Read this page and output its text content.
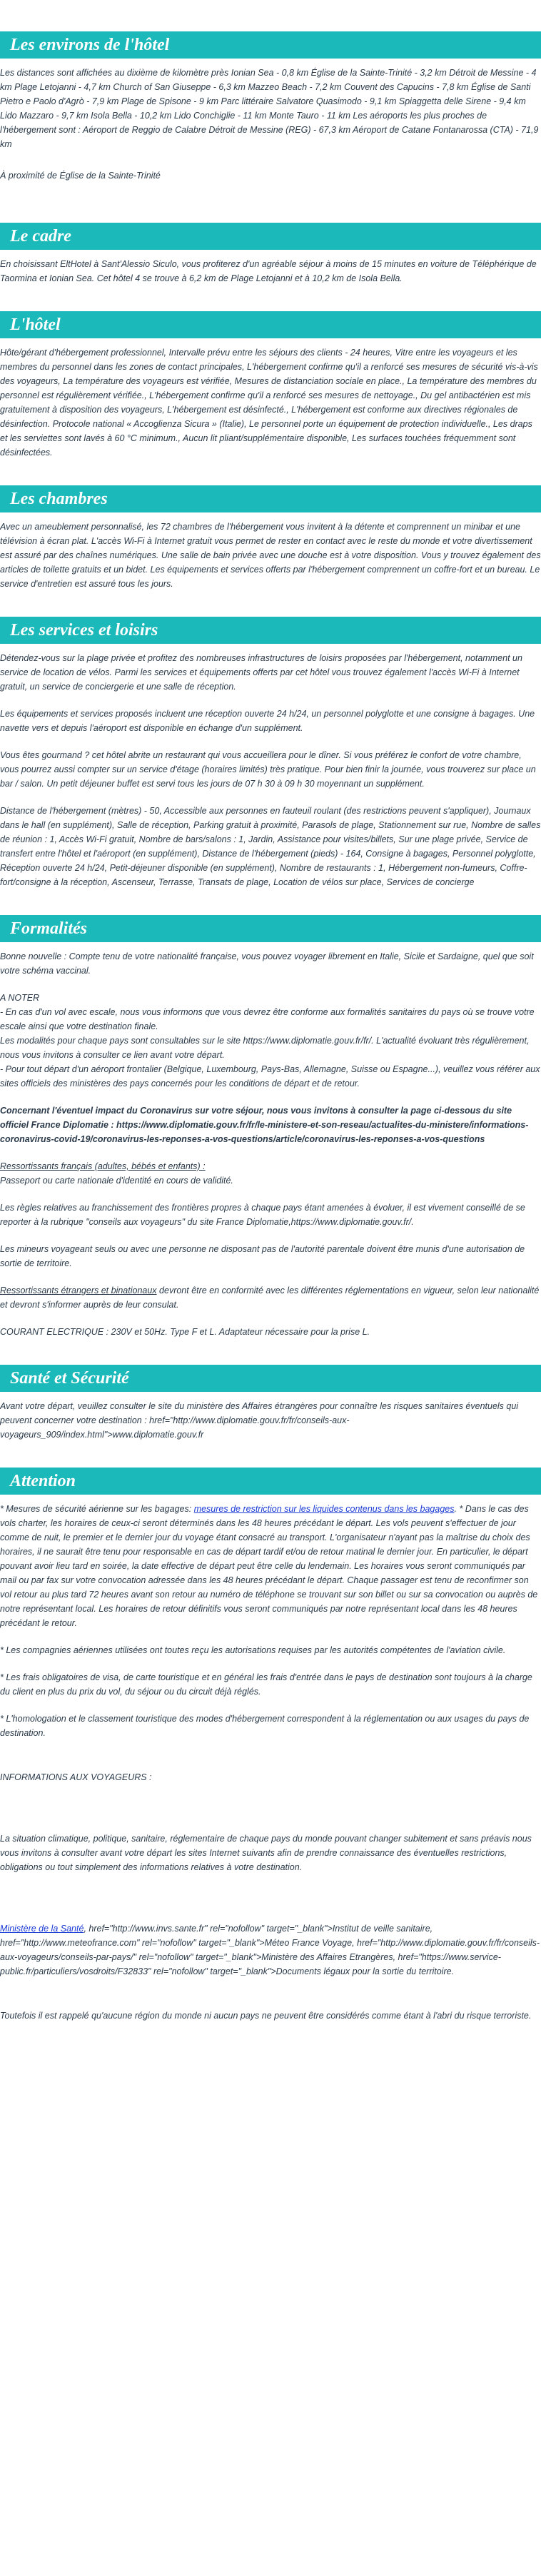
Les environs de l'hôtel

Les distances sont affichées au dixième de kilomètre près Ionian Sea - 0,8 km Église de la Sainte-Trinité - 3,2 km Détroit de Messine - 4 km Plage Letojanni - 4,7 km Church of San Giuseppe - 6,3 km Mazzeo Beach - 7,2 km Couvent des Capucins - 7,8 km Église de Santi Pietro e Paolo d'Agrò - 7,9 km Plage de Spisone - 9 km Parc littéraire Salvatore Quasimodo - 9,1 km Spiaggetta delle Sirene - 9,4 km Lido Mazzaro - 9,7 km Isola Bella - 10,2 km Lido Conchiglie - 11 km Monte Tauro - 11 km Les aéroports les plus proches de l'hébergement sont : Aéroport de Reggio de Calabre Détroit de Messine (REG) - 67,3 km Aéroport de Catane Fontanarossa (CTA) - 71,9 km

À proximité de Église de la Sainte-Trinité

Le cadre

En choisissant EltHotel à Sant'Alessio Siculo, vous profiterez d'un agréable séjour à moins de 15 minutes en voiture de Téléphérique de Taormina et Ionian Sea. Cet hôtel 4 se trouve à 6,2 km de Plage Letojanni et à 10,2 km de Isola Bella.

L'hôtel

Hôte/gérant d'hébergement professionnel, Intervalle prévu entre les séjours des clients - 24 heures, Vitre entre les voyageurs et les membres du personnel dans les zones de contact principales, L'hébergement confirme qu'il a renforcé ses mesures de sécurité vis-à-vis des voyageurs, La température des voyageurs est vérifiée, Mesures de distanciation sociale en place., La température des membres du personnel est régulièrement vérifiée., L'hébergement confirme qu'il a renforcé ses mesures de nettoyage., Du gel antibactérien est mis gratuitement à disposition des voyageurs, L'hébergement est désinfecté., L'hébergement est conforme aux directives régionales de désinfection. Protocole national « Accoglienza Sicura » (Italie), Le personnel porte un équipement de protection individuelle., Les draps et les serviettes sont lavés à 60 °C minimum., Aucun lit pliant/supplémentaire disponible, Les surfaces touchées fréquemment sont désinfectées.

Les chambres

Avec un ameublement personnalisé, les 72 chambres de l'hébergement vous invitent à la détente et comprennent un minibar et une télévision à écran plat. L'accès Wi-Fi à Internet gratuit vous permet de rester en contact avec le reste du monde et votre divertissement est assuré par des chaînes numériques. Une salle de bain privée avec une douche est à votre disposition. Vous y trouvez également des articles de toilette gratuits et un bidet. Les équipements et services offerts par l'hébergement comprennent un coffre-fort et un bureau. Le service d'entretien est assuré tous les jours.

Les services et loisirs

Détendez-vous sur la plage privée et profitez des nombreuses infrastructures de loisirs proposées par l'hébergement, notamment un service de location de vélos. Parmi les services et équipements offerts par cet hôtel vous trouvez également l'accès Wi-Fi à Internet gratuit, un service de conciergerie et une salle de réception.

Les équipements et services proposés incluent une réception ouverte 24 h/24, un personnel polyglotte et une consigne à bagages. Une navette vers et depuis l'aéroport est disponible en échange d'un supplément.

Vous êtes gourmand ? cet hôtel abrite un restaurant qui vous accueillera pour le dîner. Si vous préférez le confort de votre chambre, vous pourrez aussi compter sur un service d'étage (horaires limités) très pratique. Pour bien finir la journée, vous trouverez sur place un bar / salon. Un petit déjeuner buffet est servi tous les jours de 07 h 30 à 09 h 30 moyennant un supplément.

Distance de l'hébergement (mètres) - 50, Accessible aux personnes en fauteuil roulant (des restrictions peuvent s'appliquer), Journaux dans le hall (en supplément), Salle de réception, Parking gratuit à proximité, Parasols de plage, Stationnement sur rue, Nombre de salles de réunion : 1, Accès Wi-Fi gratuit, Nombre de bars/salons : 1, Jardin, Assistance pour visites/billets, Sur une plage privée, Service de transfert entre l'hôtel et l'aéroport (en supplément), Distance de l'hébergement (pieds) - 164, Consigne à bagages, Personnel polyglotte, Réception ouverte 24 h/24, Petit-déjeuner disponible (en supplément), Nombre de restaurants : 1, Hébergement non-fumeurs, Coffre-fort/consigne à la réception, Ascenseur, Terrasse, Transats de plage, Location de vélos sur place, Services de concierge

Formalités

Bonne nouvelle : Compte tenu de votre nationalité française, vous pouvez voyager librement en Italie, Sicile et Sardaigne, quel que soit votre schéma vaccinal.

A NOTER
- En cas d'un vol avec escale, nous vous informons que vous devrez être conforme aux formalités sanitaires du pays où se trouve votre escale ainsi que votre destination finale.
Les modalités pour chaque pays sont consultables sur le site https://www.diplomatie.gouv.fr/fr/. L'actualité évoluant très régulièrement, nous vous invitons à consulter ce lien avant votre départ.
- Pour tout départ d'un aéroport frontalier (Belgique, Luxembourg, Pays-Bas, Allemagne, Suisse ou Espagne...), veuillez vous référer aux sites officiels des ministères des pays concernés pour les conditions de départ et de retour.

Concernant l'éventuel impact du Coronavirus sur votre séjour, nous vous invitons à consulter la page ci-dessous du site officiel France Diplomatie : https://www.diplomatie.gouv.fr/fr/le-ministere-et-son-reseau/actualites-du-ministere/informations-coronavirus-covid-19/coronavirus-les-reponses-a-vos-questions/article/coronavirus-les-reponses-a-vos-questions

Ressortissants français (adultes, bébés et enfants) :
Passeport ou carte nationale d'identité en cours de validité.

Les règles relatives au franchissement des frontières propres à chaque pays étant amenées à évoluer, il est vivement conseillé de se reporter à la rubrique "conseils aux voyageurs" du site France Diplomatie,https://www.diplomatie.gouv.fr/.

Les mineurs voyageant seuls ou avec une personne ne disposant pas de l'autorité parentale doivent être munis d'une autorisation de sortie de territoire.

Ressortissants étrangers et binationaux devront être en conformité avec les différentes réglementations en vigueur, selon leur nationalité et devront s'informer auprès de leur consulat.

COURANT ELECTRIQUE : 230V et 50Hz. Type F et L. Adaptateur nécessaire pour la prise L.

Santé et Sécurité

Avant votre départ, veuillez consulter le site du ministère des Affaires étrangères pour connaître les risques sanitaires éventuels qui peuvent concerner votre destination : href="http://www.diplomatie.gouv.fr/fr/conseils-aux-voyageurs_909/index.html">www.diplomatie.gouv.fr

Attention

* Mesures de sécurité aérienne sur les bagages: mesures de restriction sur les liquides contenus dans les bagages. * Dans le cas des vols charter, les horaires de ceux-ci seront déterminés dans les 48 heures précédant le départ. Les vols peuvent s'effectuer de jour comme de nuit, le premier et le dernier jour du voyage étant consacré au transport. L'organisateur n'ayant pas la maîtrise du choix des horaires, il ne saurait être tenu pour responsable en cas de départ tardif et/ou de retour matinal le dernier jour. En particulier, le départ pouvant avoir lieu tard en soirée, la date effective de départ peut être celle du lendemain. Les horaires vous seront communiqués par mail ou par fax sur votre convocation adressée dans les 48 heures précédant le départ. Chaque passager est tenu de reconfirmer son vol retour au plus tard 72 heures avant son retour au numéro de téléphone se trouvant sur son billet ou sur sa convocation ou auprès de notre représentant local. Les horaires de retour définitifs vous seront communiqués par notre représentant local dans les 48 heures précédant le retour.

* Les compagnies aériennes utilisées ont toutes reçu les autorisations requises par les autorités compétentes de l'aviation civile.

* Les frais obligatoires de visa, de carte touristique et en général les frais d'entrée dans le pays de destination sont toujours à la charge du client en plus du prix du vol, du séjour ou du circuit déjà réglés.

* L'homologation et le classement touristique des modes d'hébergement correspondent à la réglementation ou aux usages du pays de destination.

INFORMATIONS AUX VOYAGEURS :

La situation climatique, politique, sanitaire, réglementaire de chaque pays du monde pouvant changer subitement et sans préavis nous vous invitons à consulter avant votre départ les sites Internet suivants afin de prendre connaissance des éventuelles restrictions, obligations ou tout simplement des informations relatives à votre destination.

Ministère de la Santé, href="http://www.invs.sante.fr" rel="nofollow" target="_blank">Institut de veille sanitaire, href="http://www.meteofrance.com" rel="nofollow" target="_blank">Méteo France Voyage, href="http://www.diplomatie.gouv.fr/fr/conseils-aux-voyageurs/conseils-par-pays/" rel="nofollow" target="_blank">Ministère des Affaires Etrangères, href="https://www.service-public.fr/particuliers/vosdroits/F32833" rel="nofollow" target="_blank">Documents légaux pour la sortie du territoire.

Toutefois il est rappelé qu'aucune région du monde ni aucun pays ne peuvent être considérés comme étant à l'abri du risque terroriste.
